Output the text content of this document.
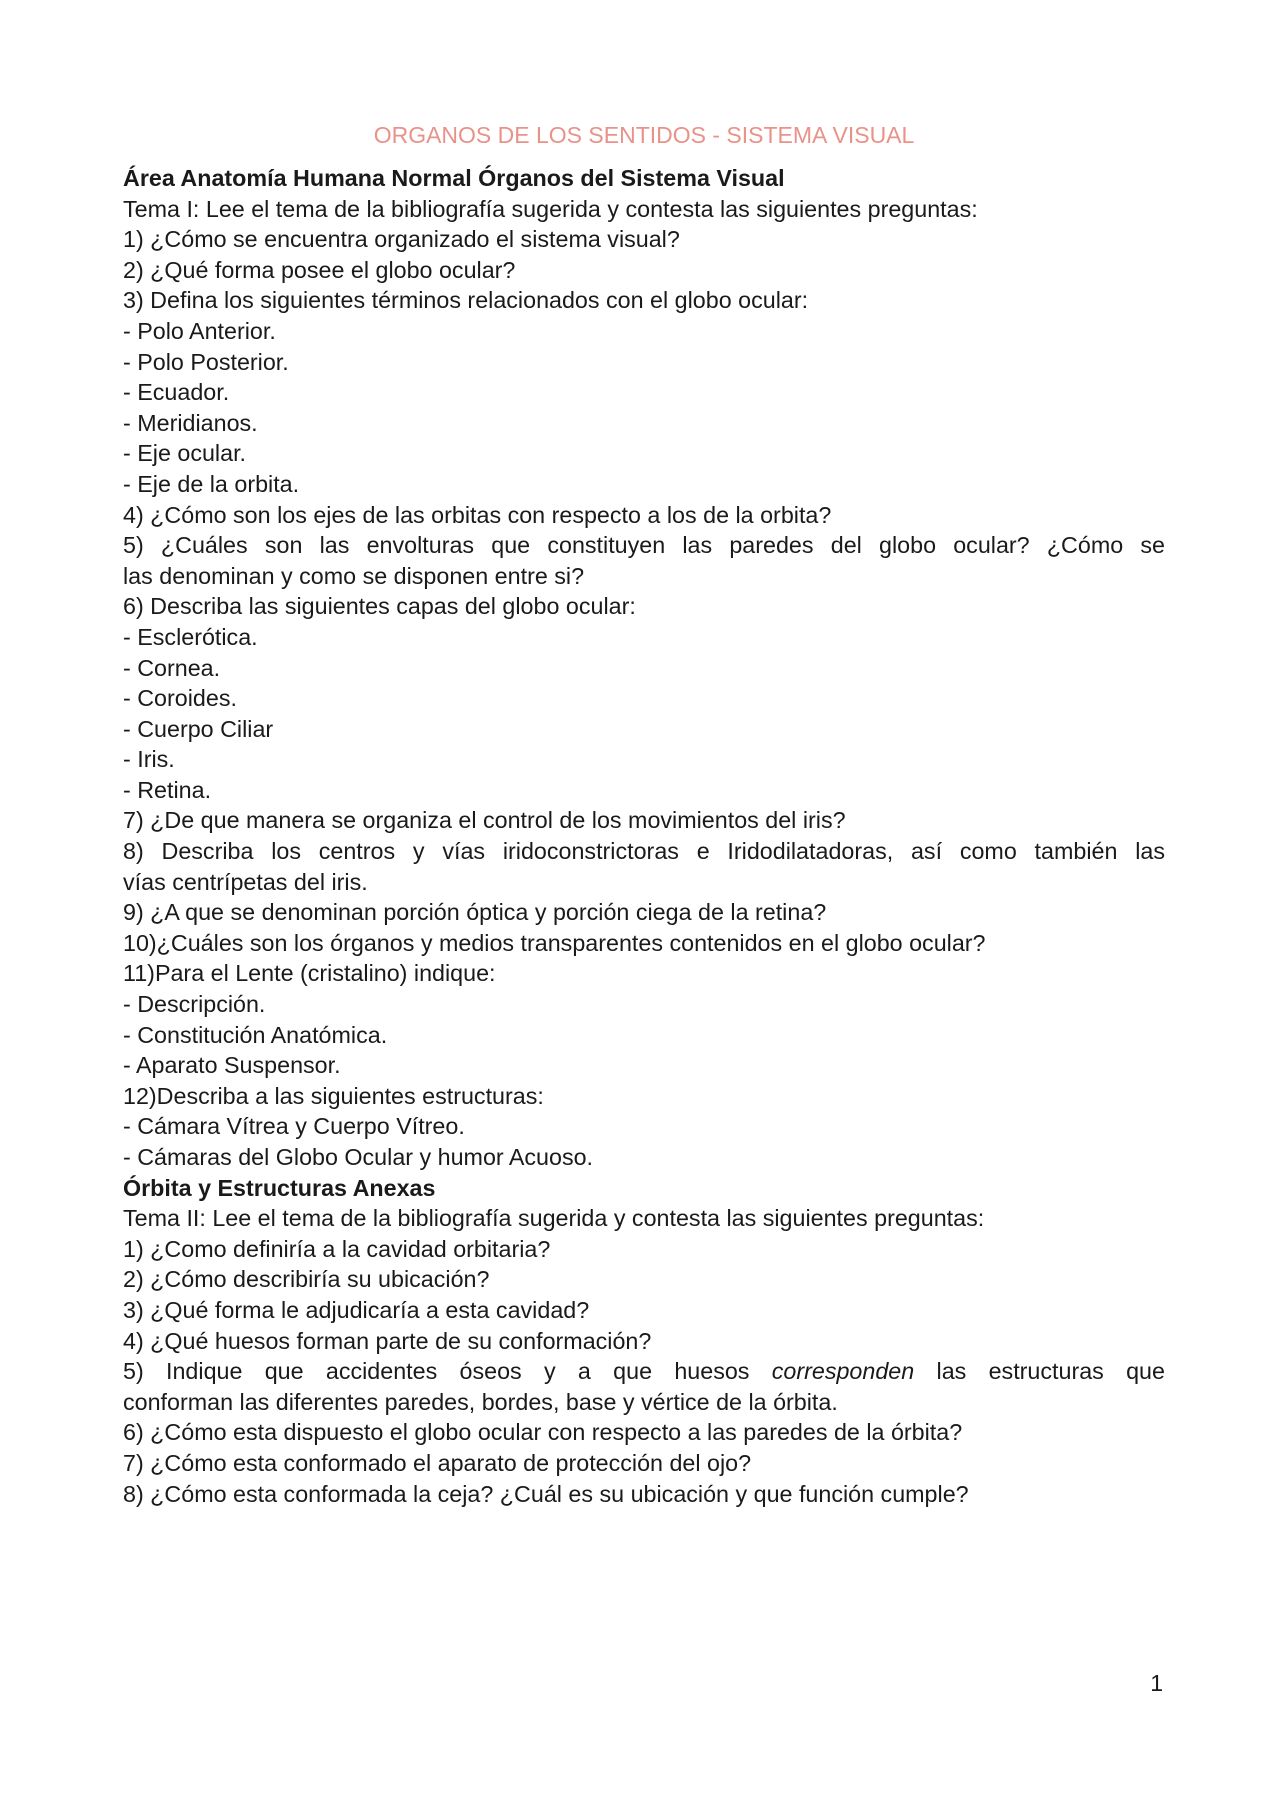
ORGANOS DE LOS SENTIDOS - SISTEMA VISUAL
Área Anatomía Humana Normal Órganos del Sistema Visual
Tema I: Lee el tema de la bibliografía sugerida y contesta las siguientes preguntas:
1) ¿Cómo se encuentra organizado el sistema visual?
2) ¿Qué forma posee el globo ocular?
3) Defina los siguientes términos relacionados con el globo ocular:
- Polo Anterior.
- Polo Posterior.
- Ecuador.
- Meridianos.
- Eje ocular.
- Eje de la orbita.
4) ¿Cómo son los ejes de las orbitas con respecto a los de la orbita?
5) ¿Cuáles son las envolturas que constituyen las paredes del globo ocular? ¿Cómo se
las denominan y como se disponen entre si?
6) Describa las siguientes capas del globo ocular:
- Esclerótica.
- Cornea.
- Coroides.
- Cuerpo Ciliar
- Iris.
- Retina.
7) ¿De que manera se organiza el control de los movimientos del iris?
8) Describa los centros y vías iridoconstrictoras e Iridodilatadoras, así como también las
vías centrípetas del iris.
9) ¿A que se denominan porción óptica y porción ciega de la retina?
10)¿Cuáles son los órganos y medios transparentes contenidos en el globo ocular?
11)Para el Lente (cristalino) indique:
- Descripción.
- Constitución Anatómica.
- Aparato Suspensor.
12)Describa a las siguientes estructuras:
- Cámara Vítrea y Cuerpo Vítreo.
- Cámaras del Globo Ocular y humor Acuoso.
Órbita y Estructuras Anexas
Tema II: Lee el tema de la bibliografía sugerida y contesta las siguientes preguntas:
1) ¿Como definiría a la cavidad orbitaria?
2) ¿Cómo describiría su ubicación?
3) ¿Qué forma le adjudicaría a esta cavidad?
4) ¿Qué huesos forman parte de su conformación?
5) Indique que accidentes óseos y a que huesos corresponden las estructuras que
conforman las diferentes paredes, bordes, base y vértice de la órbita.
6) ¿Cómo esta dispuesto el globo ocular con respecto a las paredes de la órbita?
7) ¿Cómo esta conformado el aparato de protección del ojo?
8) ¿Cómo esta conformada la ceja? ¿Cuál es su ubicación y que función cumple?
1
